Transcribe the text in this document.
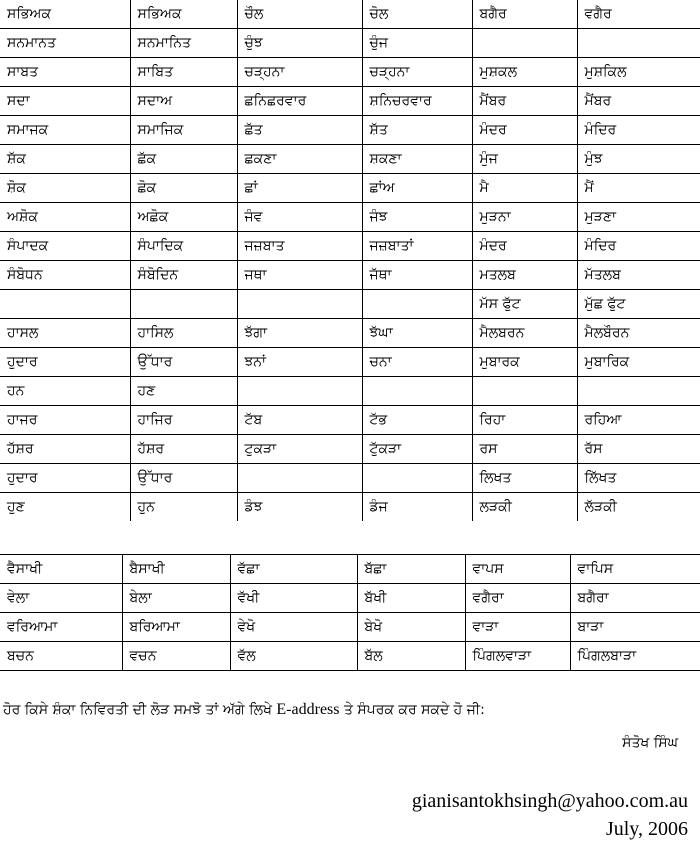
ਸਭਿਅਕ	ਸਭਿਅਕ	ਚੌਲ	ਚੋਲ	ਬਗੈਰ	ਵਗੈਰ
ਸਨਮਾਨਤ	ਸਨਮਾਨਿਤ	ਚੁੰਝ	ਚੁੰਜ		
ਸਾਬਤ	ਸਾਬਿਤ	ਚੜ੍ਹਨਾ	ਚੜ੍ਹਨਾ	ਮੁਸ਼ਕਲ	ਮੁਸ਼ਕਿਲ
ਸਦਾ	ਸਦਾਅ	ਛਨਿਛਰਵਾਰ	ਸ਼ਨਿਚਰਵਾਰ	ਮੈਂਬਰ	ਮੈਂਬਰ
ਸਮਾਜਕ	ਸਮਾਜਿਕ	ਛੱਤ	ਸ਼ੱਤ	ਮੰਦਰ	ਮੰਦਿਰ
ਸ਼ੱਕ	ਛੱਕ	ਛਕਣਾ	ਸ਼ਕਣਾ	ਮੁੰਜ	ਮੁੰਝ
ਸ਼ੋਕ	ਛੋਕ	ਛਾਂ	ਛਾਂਅ	ਮੈ	ਮੈਂ
ਅਸ਼ੋਕ	ਅਛੋਕ	ਜੰਵ	ਜੰਝ	ਮੁੜਨਾ	ਮੁੜਣਾ
ਸੰਪਾਦਕ	ਸੰਪਾਦਿਕ	ਜਜ਼ਬਾਤ	ਜਜ਼ਬਾਤਾਂ	ਮੰਦਰ	ਮੰਦਿਰ
ਸੰਬੋਧਨ	ਸੰਬੋਦਿਨ	ਜਥਾ	ਜੱਥਾ	ਮਤਲਬ	ਮੱਤਲਬ
				ਮੱਸ ਫੁੱਟ	ਮੁੱਛ ਫੁੱਟ
ਹਾਸਲ	ਹਾਸਿਲ	ਝੱਗਾ	ਝੱਘਾ	ਮੈਲਬਰਨ	ਮੈਲਬੌਰਨ
ਹੁਦਾਰ	ਉੱਧਾਰ	ਝਨਾਂ	ਚਨਾ	ਮੁਬਾਰਕ	ਮੁਬਾਰਿਕ
ਹਨ	ਹਣ				
ਹਾਜਰ	ਹਾਜਿਰ	ਟੱਬ	ਟੱਭ	ਰਿਹਾ	ਰਹਿਆ
ਹੱਸ਼ਰ	ਹੱਸ਼ਰ	ਟੁਕੜਾ	ਟੁੱਕੜਾ	ਰਸ	ਰੱਸ
ਹੁਦਾਰ	ਉੱਧਾਰ			ਲਿਖਤ	ਲਿੱਖਤ
ਹੁਣ	ਹੁਨ	ਡੰਝ	ਡੰਜ	ਲੜਕੀ	ਲੱੜਕੀ
ਵੈਸਾਖੀ	ਬੈਸਾਖੀ	ਵੱਛਾ	ਬੱਛਾ	ਵਾਪਸ	ਵਾਪਿਸ
ਵੇਲਾ	ਬੇਲਾ	ਵੱਖੀ	ਬੱਖੀ	ਵਗੈਰਾ	ਬਗੈਰਾ
ਵਰਿਆਮਾ	ਬਰਿਆਮਾ	ਵੇਖੋ	ਬੇਖੋ	ਵਾੜਾ	ਬਾੜਾ
ਬਚਨ	ਵਚਨ	ਵੱਲ	ਬੱਲ	ਪਿੰਗਲਵਾੜਾ	ਪਿੰਗਲਬਾੜਾ
ਹੋਰ ਕਿਸੇ ਸ਼ੰਕਾ ਨਿਵਿਰਤੀ ਦੀ ਲੋੜ ਸਮਝੋ ਤਾਂ ਅੱਗੇ ਲਿਖੇ E-address ਤੇ ਸੰਪਰਕ ਕਰ ਸਕਦੇ ਹੋ ਜੀ:
ਸੰਤੋਖ ਸਿੰਘ
gianisantokhsingh@yahoo.com.au
July, 2006
